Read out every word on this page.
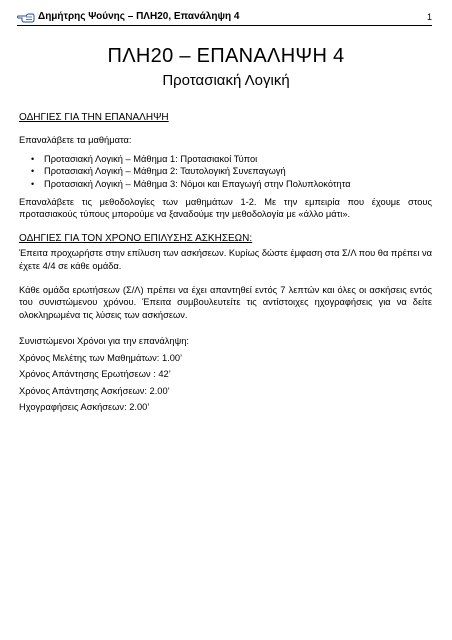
Δημήτρης Ψούνης – ΠΛΗ20, Επανάληψη 4	1
ΠΛΗ20 – ΕΠΑΝΑΛΗΨΗ 4
Προτασιακή Λογική

ΟΔΗΓΙΕΣ ΓΙΑ ΤΗΝ ΕΠΑΝΑΛΗΨΗ

Επαναλάβετε τα μαθήματα:

• Προτασιακή Λογική – Μάθημα 1: Προτασιακοί Τύποι
• Προτασιακή Λογική – Μάθημα 2: Ταυτολογική Συνεπαγωγή
• Προτασιακή Λογική – Μάθημα 3: Νόμοι και Επαγωγή στην Πολυπλοκότητα

Επαναλάβετε τις μεθοδολογίες των μαθημάτων 1-2. Με την εμπειρία που έχουμε στους προτασιακούς τύπους μπορούμε να ξαναδούμε την μεθοδολογία με «άλλο μάτι».

ΟΔΗΓΙΕΣ ΓΙΑ ΤΟΝ ΧΡΟΝΟ ΕΠΙΛΥΣΗΣ ΑΣΚΗΣΕΩΝ:

Έπειτα προχωρήστε στην επίλυση των ασκήσεων. Κυρίως δώστε έμφαση στα Σ/Λ που θα πρέπει να έχετε 4/4 σε κάθε ομάδα.

Κάθε ομάδα ερωτήσεων (Σ/Λ) πρέπει να έχει απαντηθεί εντός 7 λεπτών και όλες οι ασκήσεις εντός του συνιστώμενου χρόνου. Έπειτα συμβουλευτείτε τις αντίστοιχες ηχογραφήσεις για να δείτε ολοκληρωμένα τις λύσεις των ασκήσεων.

Συνιστώμενοι Χρόνοι για την επανάληψη:

Χρόνος Μελέτης των Μαθημάτων: 1.00’

Χρόνος Απάντησης Ερωτήσεων : 42’

Χρόνος Απάντησης Ασκήσεων: 2.00’

Ηχογραφήσεις Ασκήσεων: 2.00’
